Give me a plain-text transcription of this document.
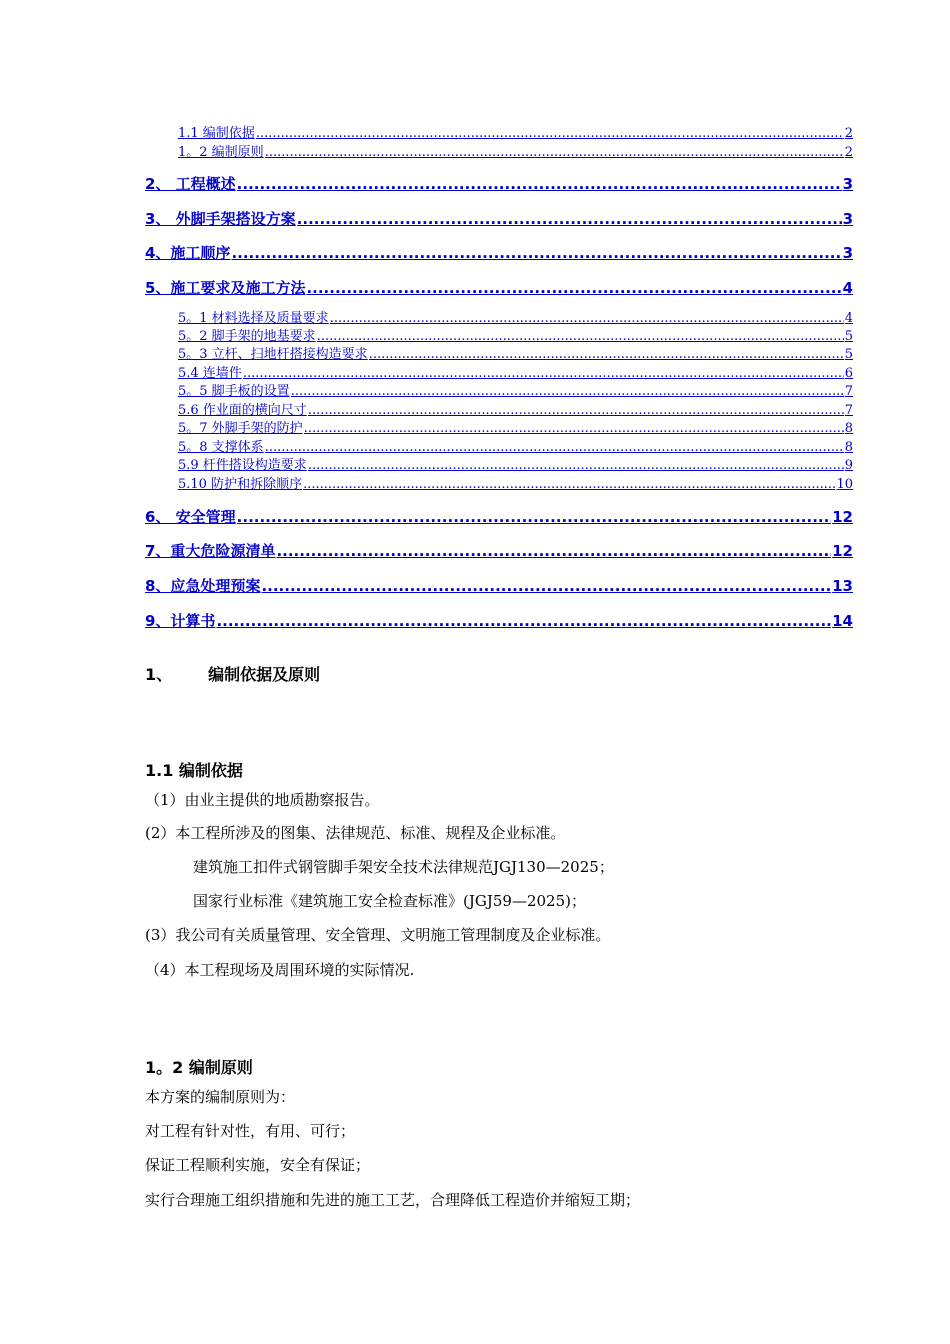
1.1 编制依据 .....	2
1。2 编制原则 .....	2
2、 工程概述 .....	3
3、 外脚手架搭设方案 .....	3
4、施工顺序 .....	3
5、施工要求及施工方法 .....	4
5。1 材料选择及质量要求 .....	4
5。2 脚手架的地基要求 .....	5
5。3 立杆、扫地杆搭接构造要求 .....	5
5.4 连墙件 .....	6
5。5 脚手板的设置 .....	7
5.6 作业面的横向尺寸 .....	7
5。7 外脚手架的防护 .....	8
5。8 支撑体系 .....	8
5.9 杆件搭设构造要求 .....	9
5.10 防护和拆除顺序 .....	10
6、 安全管理 .....	12
7、重大危险源清单 .....	12
8、应急处理预案 .....	13
9、计算书 .....	14
1、 编制依据及原则
1.1 编制依据
（1）由业主提供的地质勘察报告。
(2）本工程所涉及的图集、法律规范、标准、规程及企业标准。
建筑施工扣件式钢管脚手架安全技术法律规范JGJ130—2025；
国家行业标准《建筑施工安全检查标准》(JGJ59—2025)；
(3）我公司有关质量管理、安全管理、文明施工管理制度及企业标准。
（4）本工程现场及周围环境的实际情况.
1。2 编制原则
本方案的编制原则为：
对工程有针对性，有用、可行；
保证工程顺利实施，安全有保证；
实行合理施工组织措施和先进的施工工艺，合理降低工程造价并缩短工期；
